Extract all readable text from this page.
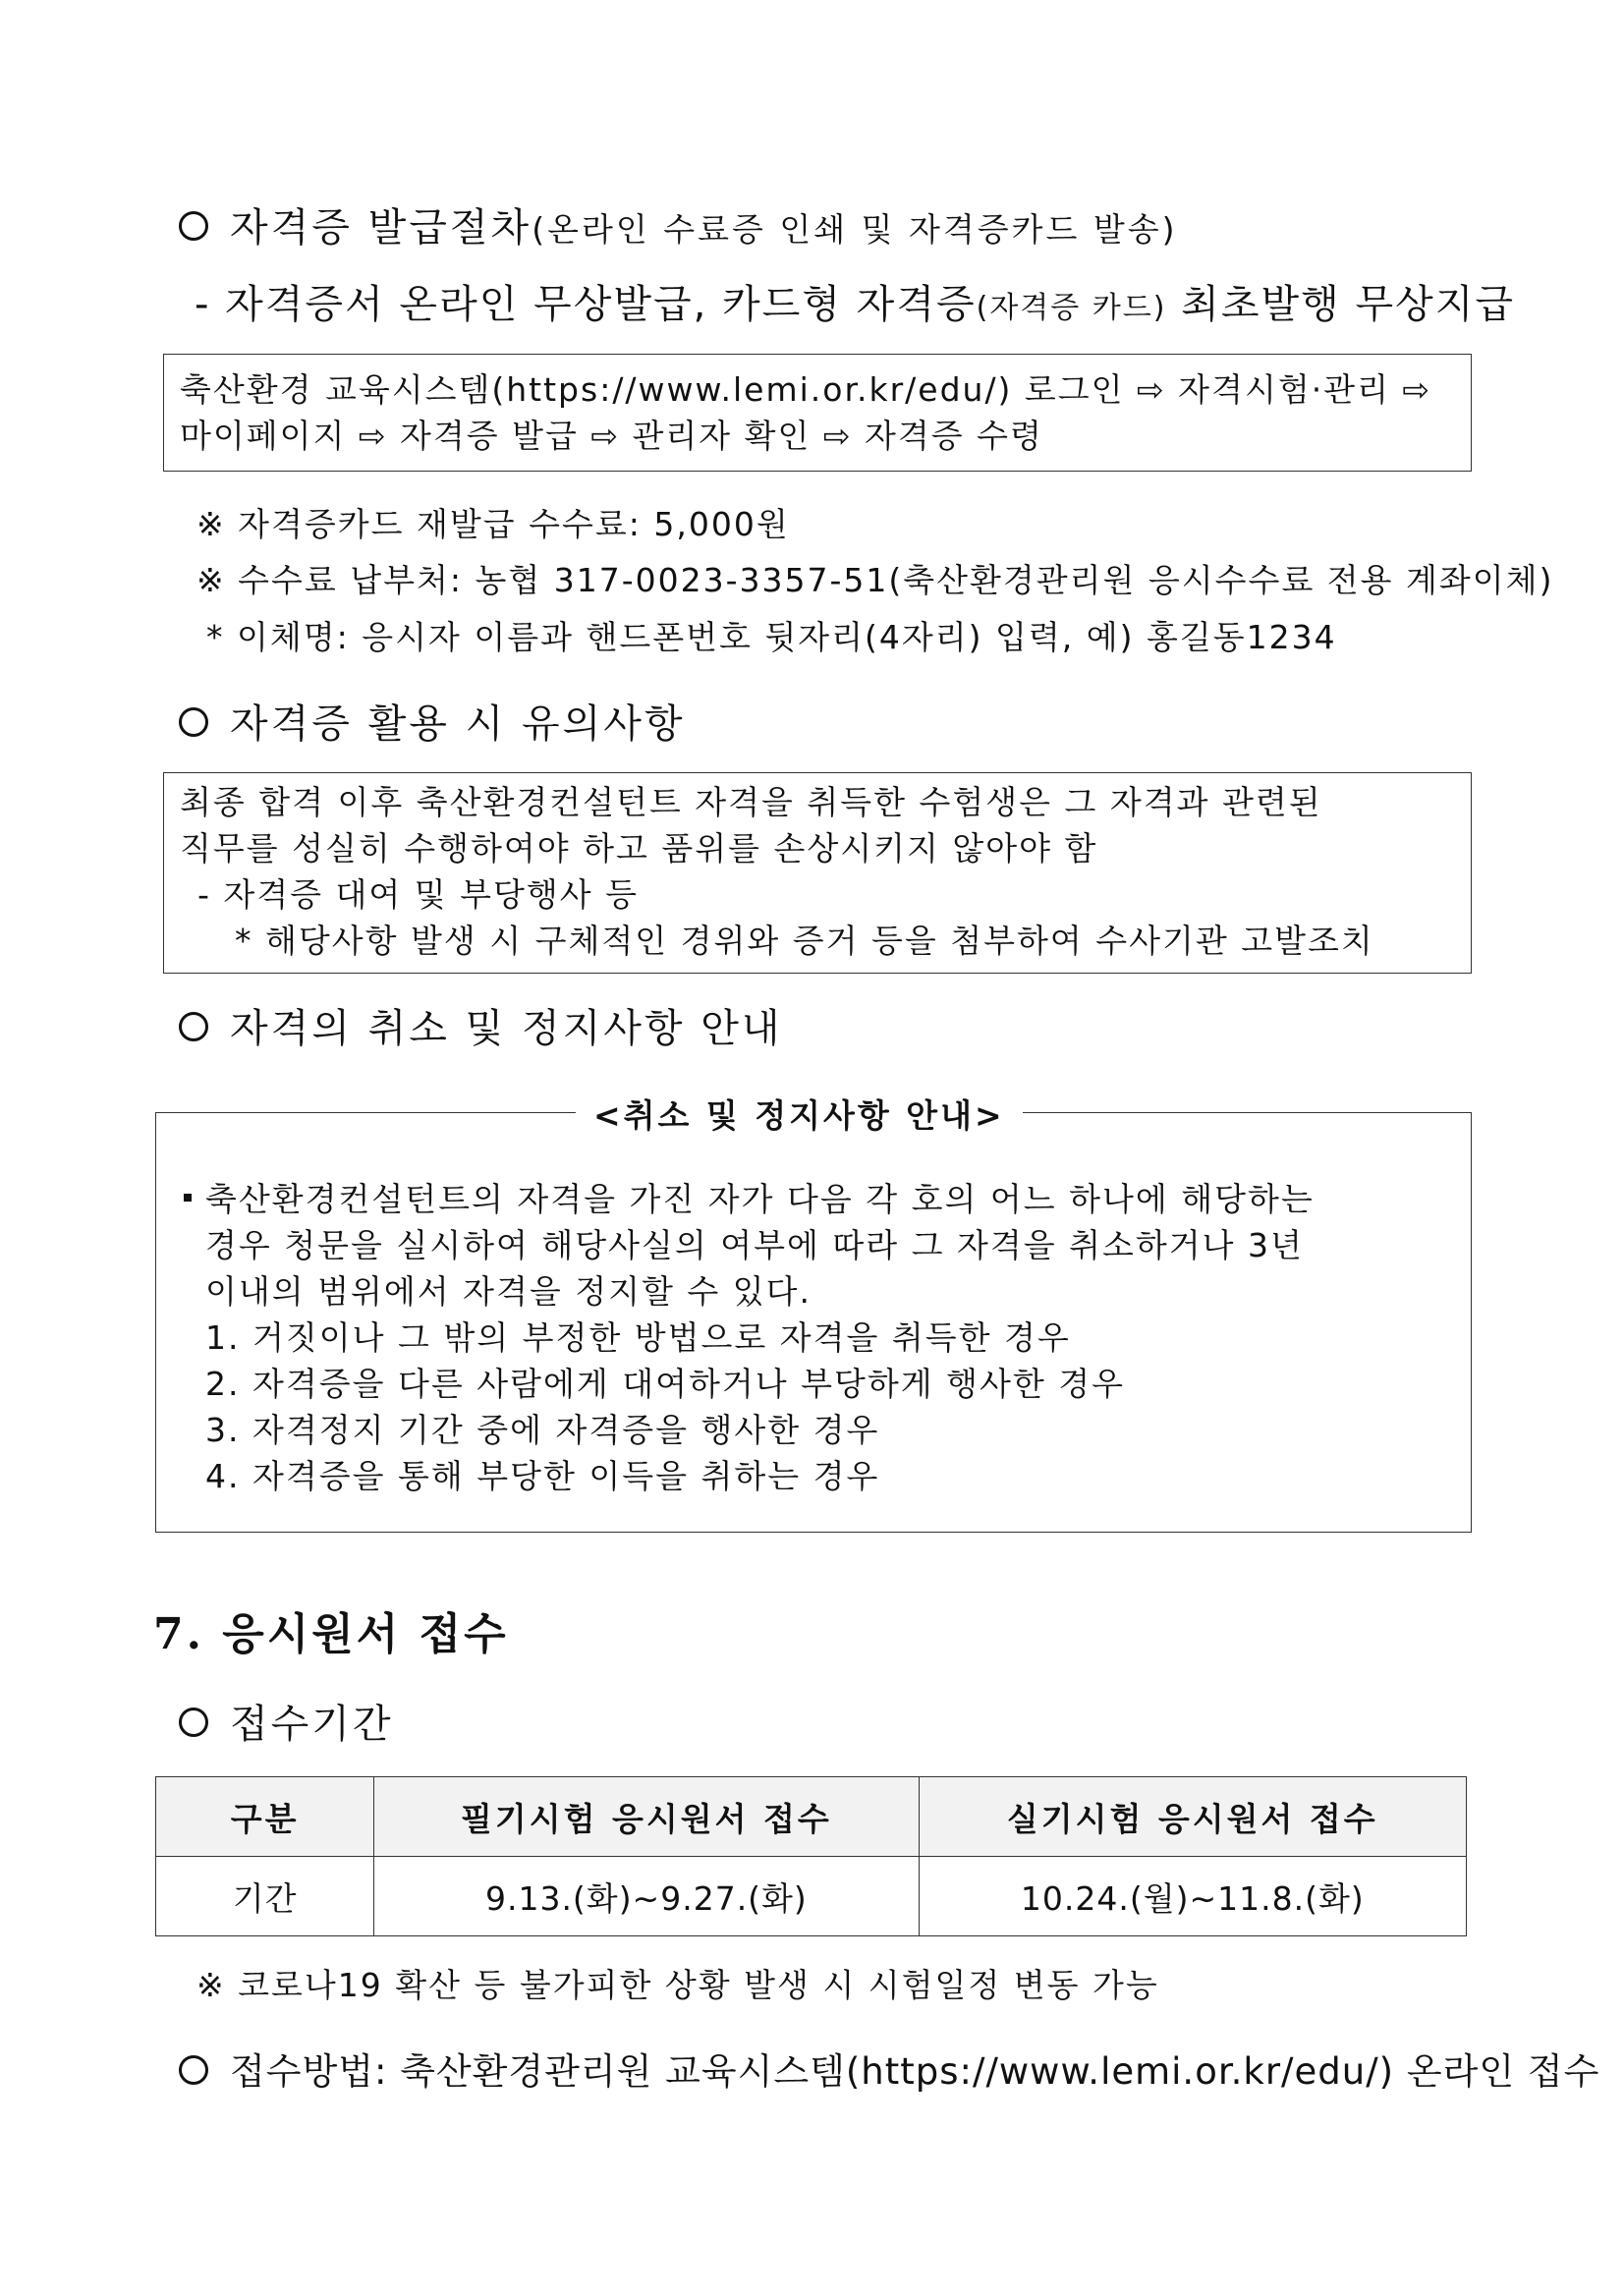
자격증 발급절차(온라인 수료증 인쇄 및 자격증카드 발송)
- 자격증서 온라인 무상발급, 카드형 자격증(자격증 카드) 최초발행 무상지급
축산환경 교육시스템(https://www.lemi.or.kr/edu/) 로그인 ⇨ 자격시험·관리 ⇨
마이페이지 ⇨ 자격증 발급 ⇨ 관리자 확인 ⇨ 자격증 수령
※ 자격증카드 재발급 수수료: 5,000원
※ 수수료 납부처: 농협 317-0023-3357-51(축산환경관리원 응시수수료 전용 계좌이체)
* 이체명: 응시자 이름과 핸드폰번호 뒷자리(4자리) 입력, 예) 홍길동1234
자격증 활용 시 유의사항
최종 합격 이후 축산환경컨설턴트 자격을 취득한 수험생은 그 자격과 관련된
직무를 성실히 수행하여야 하고 품위를 손상시키지 않아야 함
- 자격증 대여 및 부당행사 등
* 해당사항 발생 시 구체적인 경위와 증거 등을 첨부하여 수사기관 고발조치
자격의 취소 및 정지사항 안내
축산환경컨설턴트의 자격을 가진 자가 다음 각 호의 어느 하나에 해당하는
경우 청문을 실시하여 해당사실의 여부에 따라 그 자격을 취소하거나 3년
이내의 범위에서 자격을 정지할 수 있다.
1. 거짓이나 그 밖의 부정한 방법으로 자격을 취득한 경우
2. 자격증을 다른 사람에게 대여하거나 부당하게 행사한 경우
3. 자격정지 기간 중에 자격증을 행사한 경우
4. 자격증을 통해 부당한 이득을 취하는 경우
<취소 및 정지사항 안내>
7. 응시원서 접수
접수기간
구분	필기시험 응시원서 접수	실기시험 응시원서 접수
기간	9.13.(화)∼9.27.(화)	10.24.(월)∼11.8.(화)
※ 코로나19 확산 등 불가피한 상황 발생 시 시험일정 변동 가능
접수방법: 축산환경관리원 교육시스템(https://www.lemi.or.kr/edu/) 온라인 접수
